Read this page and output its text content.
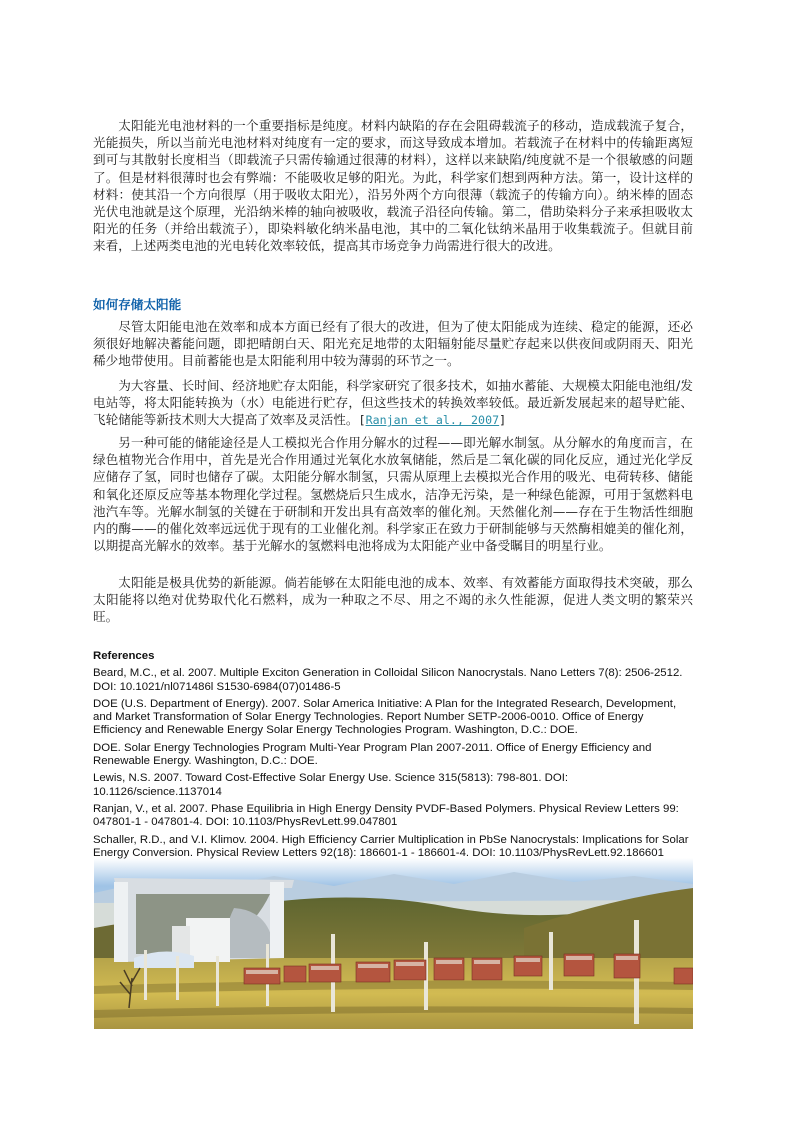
太阳能光电池材料的一个重要指标是纯度。材料内缺陷的存在会阻碍载流子的移动，造成载流子复合，光能损失，所以当前光电池材料对纯度有一定的要求，而这导致成本增加。若载流子在材料中的传输距离短到可与其散射长度相当（即载流子只需传输通过很薄的材料），这样以来缺陷/纯度就不是一个很敏感的问题了。但是材料很薄时也会有弊端：不能吸收足够的阳光。为此，科学家们想到两种方法。第一，设计这样的材料：使其沿一个方向很厚（用于吸收太阳光），沿另外两个方向很薄（载流子的传输方向）。纳米棒的固态光伏电池就是这个原理，光沿纳米棒的轴向被吸收，载流子沿径向传输。第二，借助染料分子来承担吸收太阳光的任务（并给出载流子），即染料敏化纳米晶电池，其中的二氧化钛纳米晶用于收集载流子。但就目前来看，上述两类电池的光电转化效率较低，提高其市场竞争力尚需进行很大的改进。

如何存储太阳能

尽管太阳能电池在效率和成本方面已经有了很大的改进，但为了使太阳能成为连续、稳定的能源，还必须很好地解决蓄能问题，即把晴朗白天、阳光充足地带的太阳辐射能尽量贮存起来以供夜间或阴雨天、阳光稀少地带使用。目前蓄能也是太阳能利用中较为薄弱的环节之一。

为大容量、长时间、经济地贮存太阳能，科学家研究了很多技术，如抽水蓄能、大规模太阳能电池组/发电站等，将太阳能转换为（水）电能进行贮存，但这些技术的转换效率较低。最近新发展起来的超导贮能、飞轮储能等新技术则大大提高了效率及灵活性。[Ranjan et al., 2007]

另一种可能的储能途径是人工模拟光合作用分解水的过程——即光解水制氢。从分解水的角度而言，在绿色植物光合作用中，首先是光合作用通过光氧化水放氧储能，然后是二氧化碳的同化反应，通过光化学反应储存了氢，同时也储存了碳。太阳能分解水制氢，只需从原理上去模拟光合作用的吸光、电荷转移、储能和氧化还原反应等基本物理化学过程。氢燃烧后只生成水，洁净无污染，是一种绿色能源，可用于氢燃料电池汽车等。光解水制氢的关键在于研制和开发出具有高效率的催化剂。天然催化剂——存在于生物活性细胞内的酶——的催化效率远远优于现有的工业催化剂。科学家正在致力于研制能够与天然酶相媲美的催化剂，以期提高光解水的效率。基于光解水的氢燃料电池将成为太阳能产业中备受瞩目的明星行业。

太阳能是极具优势的新能源。倘若能够在太阳能电池的成本、效率、有效蓄能方面取得技术突破，那么太阳能将以绝对优势取代化石燃料，成为一种取之不尽、用之不竭的永久性能源，促进人类文明的繁荣兴旺。

References
Beard, M.C., et al. 2007. Multiple Exciton Generation in Colloidal Silicon Nanocrystals. Nano Letters 7(8): 2506-2512. DOI: 10.1021/nl071486l S1530-6984(07)01486-5
DOE (U.S. Department of Energy). 2007. Solar America Initiative: A Plan for the Integrated Research, Development, and Market Transformation of Solar Energy Technologies. Report Number SETP-2006-0010. Office of Energy Efficiency and Renewable Energy Solar Energy Technologies Program. Washington, D.C.: DOE.
DOE. Solar Energy Technologies Program Multi-Year Program Plan 2007-2011. Office of Energy Efficiency and Renewable Energy. Washington, D.C.: DOE.
Lewis, N.S. 2007. Toward Cost-Effective Solar Energy Use. Science 315(5813): 798-801. DOI: 10.1126/science.1137014
Ranjan, V., et al. 2007. Phase Equilibria in High Energy Density PVDF-Based Polymers. Physical Review Letters 99: 047801-1 - 047801-4. DOI: 10.1103/PhysRevLett.99.047801
Schaller, R.D., and V.I. Klimov. 2004. High Efficiency Carrier Multiplication in PbSe Nanocrystals: Implications for Solar Energy Conversion. Physical Review Letters 92(18): 186601-1 - 186601-4. DOI: 10.1103/PhysRevLett.92.186601
